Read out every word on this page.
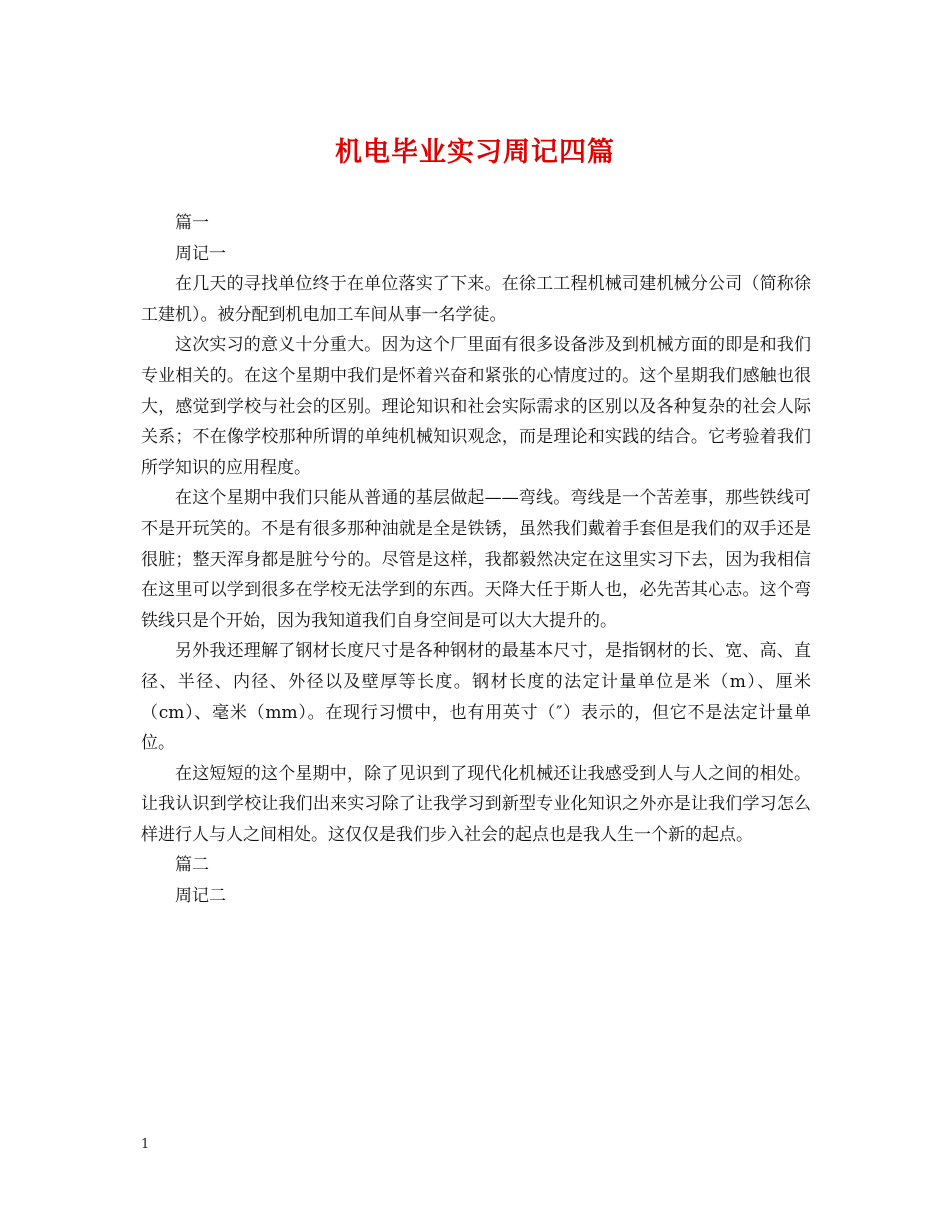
机电毕业实习周记四篇

篇一

周记一

在几天的寻找单位终于在单位落实了下来。在徐工工程机械司建机械分公司（简称徐工建机）。被分配到机电加工车间从事一名学徒。

这次实习的意义十分重大。因为这个厂里面有很多设备涉及到机械方面的即是和我们专业相关的。在这个星期中我们是怀着兴奋和紧张的心情度过的。这个星期我们感触也很大，感觉到学校与社会的区别。理论知识和社会实际需求的区别以及各种复杂的社会人际关系；不在像学校那种所谓的单纯机械知识观念，而是理论和实践的结合。它考验着我们所学知识的应用程度。

在这个星期中我们只能从普通的基层做起——弯线。弯线是一个苦差事，那些铁线可不是开玩笑的。不是有很多那种油就是全是铁锈，虽然我们戴着手套但是我们的双手还是很脏；整天浑身都是脏兮兮的。尽管是这样，我都毅然决定在这里实习下去，因为我相信在这里可以学到很多在学校无法学到的东西。天降大任于斯人也，必先苦其心志。这个弯铁线只是个开始，因为我知道我们自身空间是可以大大提升的。

另外我还理解了钢材长度尺寸是各种钢材的最基本尺寸，是指钢材的长、宽、高、直径、半径、内径、外径以及壁厚等长度。钢材长度的法定计量单位是米（m）、厘米（cm）、毫米（mm）。在现行习惯中，也有用英寸（″）表示的，但它不是法定计量单位。

在这短短的这个星期中，除了见识到了现代化机械还让我感受到人与人之间的相处。让我认识到学校让我们出来实习除了让我学习到新型专业化知识之外亦是让我们学习怎么样进行人与人之间相处。这仅仅是我们步入社会的起点也是我人生一个新的起点。

篇二

周记二

1
